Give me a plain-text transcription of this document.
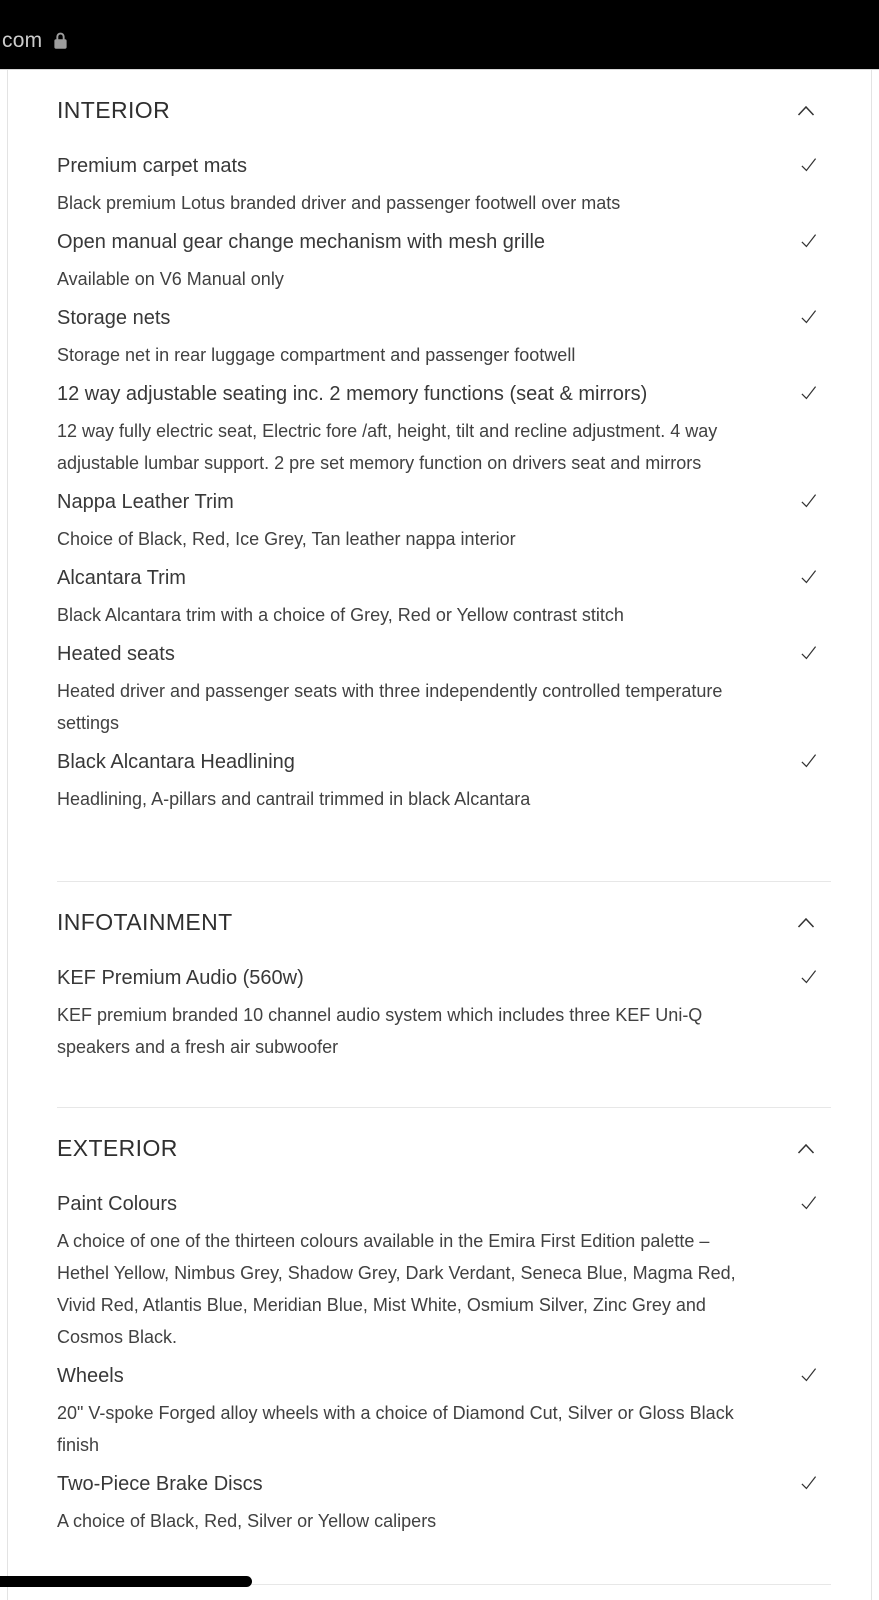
com
INTERIOR
Premium carpet mats

Black premium Lotus branded driver and passenger footwell over mats

Open manual gear change mechanism with mesh grille

Available on V6 Manual only

Storage nets

Storage net in rear luggage compartment and passenger footwell

12 way adjustable seating inc. 2 memory functions (seat & mirrors)

12 way fully electric seat, Electric fore /aft, height, tilt and recline adjustment. 4 way adjustable lumbar support. 2 pre set memory function on drivers seat and mirrors

Nappa Leather Trim

Choice of Black, Red, Ice Grey, Tan leather nappa interior

Alcantara Trim

Black Alcantara trim with a choice of Grey, Red or Yellow contrast stitch

Heated seats

Heated driver and passenger seats with three independently controlled temperature settings

Black Alcantara Headlining

Headlining, A-pillars and cantrail trimmed in black Alcantara

INFOTAINMENT
KEF Premium Audio (560w)

KEF premium branded 10 channel audio system which includes three KEF Uni-Q speakers and a fresh air subwoofer

EXTERIOR
Paint Colours

A choice of one of the thirteen colours available in the Emira First Edition palette – Hethel Yellow, Nimbus Grey, Shadow Grey, Dark Verdant, Seneca Blue, Magma Red, Vivid Red, Atlantis Blue, Meridian Blue, Mist White, Osmium Silver, Zinc Grey and Cosmos Black.

Wheels

20" V-spoke Forged alloy wheels with a choice of Diamond Cut, Silver or Gloss Black finish

Two-Piece Brake Discs

A choice of Black, Red, Silver or Yellow calipers
